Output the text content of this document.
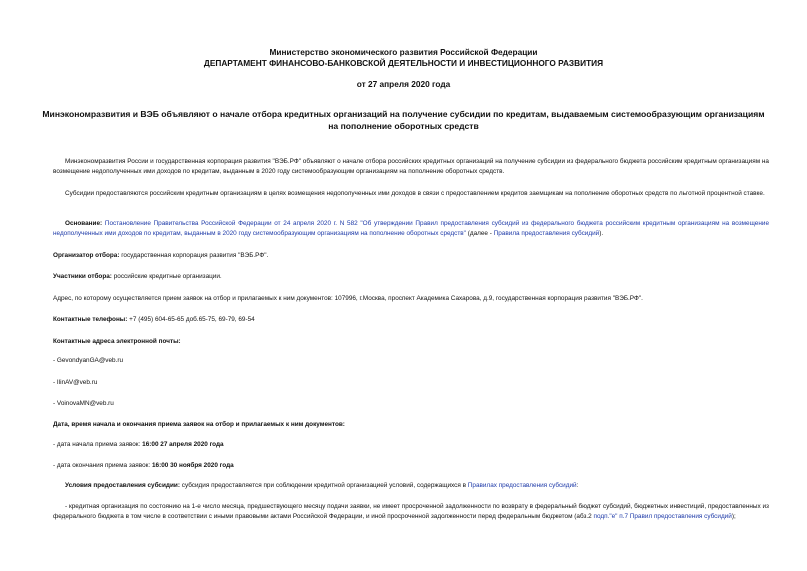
Министерство экономического развития Российской Федерации
ДЕПАРТАМЕНТ ФИНАНСОВО-БАНКОВСКОЙ ДЕЯТЕЛЬНОСТИ И ИНВЕСТИЦИОННОГО РАЗВИТИЯ
от 27 апреля 2020 года
Минэкономразвития и ВЭБ объявляют о начале отбора кредитных организаций на получение субсидии по кредитам, выдаваемым системообразующим организациям на пополнение оборотных средств
Минэкономразвития России и государственная корпорация развития "ВЭБ.РФ" объявляют о начале отбора российских кредитных организаций на получение субсидии из федерального бюджета российским кредитным организациям на возмещение недополученных ими доходов по кредитам, выданным в 2020 году системообразующим организациям на пополнение оборотных средств.
Субсидии предоставляются российским кредитным организациям в целях возмещения недополученных ими доходов в связи с предоставлением кредитов заемщикам на пополнение оборотных средств по льготной процентной ставке.
Основание: Постановление Правительства Российской Федерации от 24 апреля 2020 г. N 582 "Об утверждении Правил предоставления субсидий из федерального бюджета российским кредитным организациям на возмещение недополученных ими доходов по кредитам, выданным в 2020 году системообразующим организациям на пополнение оборотных средств" (далее - Правила предоставления субсидий).
Организатор отбора: государственная корпорация развития "ВЭБ.РФ".
Участники отбора: российские кредитные организации.
Адрес, по которому осуществляется прием заявок на отбор и прилагаемых к ним документов: 107996, г.Москва, проспект Академика Сахарова, д.9, государственная корпорация развития "ВЭБ.РФ".
Контактные телефоны: +7 (495) 604-65-65 доб.65-75, 69-79, 69-54
Контактные адреса электронной почты:
- GevondyanGA@veb.ru
- IlinAV@veb.ru
- VoinovaMN@veb.ru
Дата, время начала и окончания приема заявок на отбор и прилагаемых к ним документов:
- дата начала приема заявок: 16:00 27 апреля 2020 года
- дата окончания приема заявок: 16:00 30 ноября 2020 года
Условия предоставления субсидии: субсидия предоставляется при соблюдении кредитной организацией условий, содержащихся в Правилах предоставления субсидий:
- кредитная организация по состоянию на 1-е число месяца, предшествующего месяцу подачи заявки, не имеет просроченной задолженности по возврату в федеральный бюджет субсидий, бюджетных инвестиций, предоставленных из федерального бюджета в том числе в соответствии с иными правовыми актами Российской Федерации, и иной просроченной задолженности перед федеральным бюджетом (абз.2 подп."е" п.7 Правил предоставления субсидий);
